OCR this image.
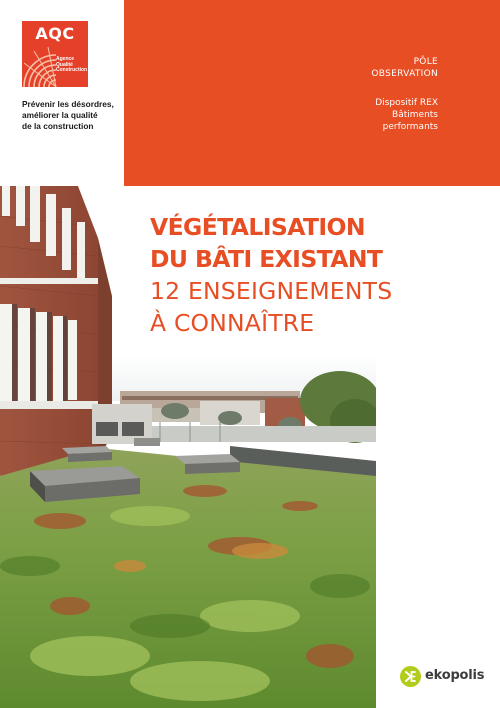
AQC
Agence
Qualité
Construction
Prévenir les désordres,
améliorer la qualité
de la construction
PÔLE
OBSERVATION
Dispositif REX
Bâtiments
performants
VÉGÉTALISATION
DU BÂTI EXISTANT
12 ENSEIGNEMENTS
À CONNAÎTRE
ekopolis
